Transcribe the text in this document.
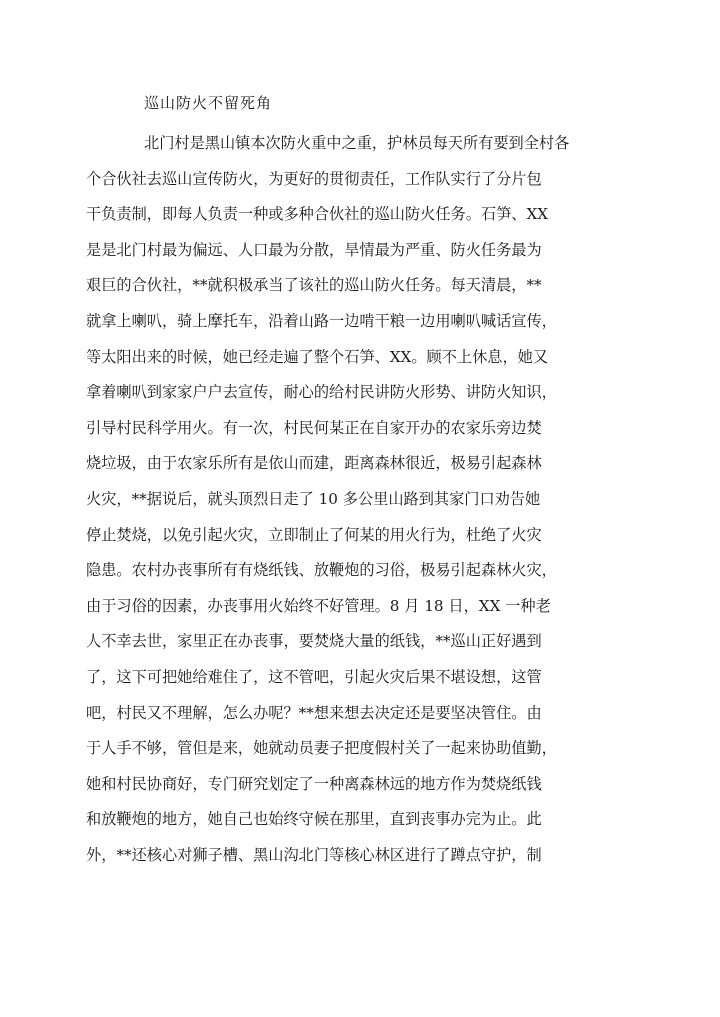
巡山防火不留死角
北门村是黑山镇本次防火重中之重，护林员每天所有要到全村各
个合伙社去巡山宣传防火，为更好的贯彻责任，工作队实行了分片包
干负责制，即每人负责一种或多种合伙社的巡山防火任务。石笋、XX
是是北门村最为偏远、人口最为分散，旱情最为严重、防火任务最为
艰巨的合伙社，**就积极承当了该社的巡山防火任务。每天清晨，**
就拿上喇叭，骑上摩托车，沿着山路一边啃干粮一边用喇叭喊话宣传，
等太阳出来的时候，她已经走遍了整个石笋、XX。顾不上休息，她又
拿着喇叭到家家户户去宣传，耐心的给村民讲防火形势、讲防火知识，
引导村民科学用火。有一次，村民何某正在自家开办的农家乐旁边焚
烧垃圾，由于农家乐所有是依山而建，距离森林很近，极易引起森林
火灾，**据说后，就头顶烈日走了 10 多公里山路到其家门口劝告她
停止焚烧，以免引起火灾，立即制止了何某的用火行为，杜绝了火灾
隐患。农村办丧事所有有烧纸钱、放鞭炮的习俗，极易引起森林火灾，
由于习俗的因素，办丧事用火始终不好管理。8 月 18 日，XX 一种老
人不幸去世，家里正在办丧事，要焚烧大量的纸钱，**巡山正好遇到
了，这下可把她给难住了，这不管吧，引起火灾后果不堪设想，这管
吧，村民又不理解，怎么办呢？**想来想去决定还是要坚决管住。由
于人手不够，管但是来，她就动员妻子把度假村关了一起来协助值勤，
她和村民协商好，专门研究划定了一种离森林远的地方作为焚烧纸钱
和放鞭炮的地方，她自己也始终守候在那里，直到丧事办完为止。此
外，**还核心对狮子槽、黑山沟北门等核心林区进行了蹲点守护，制
